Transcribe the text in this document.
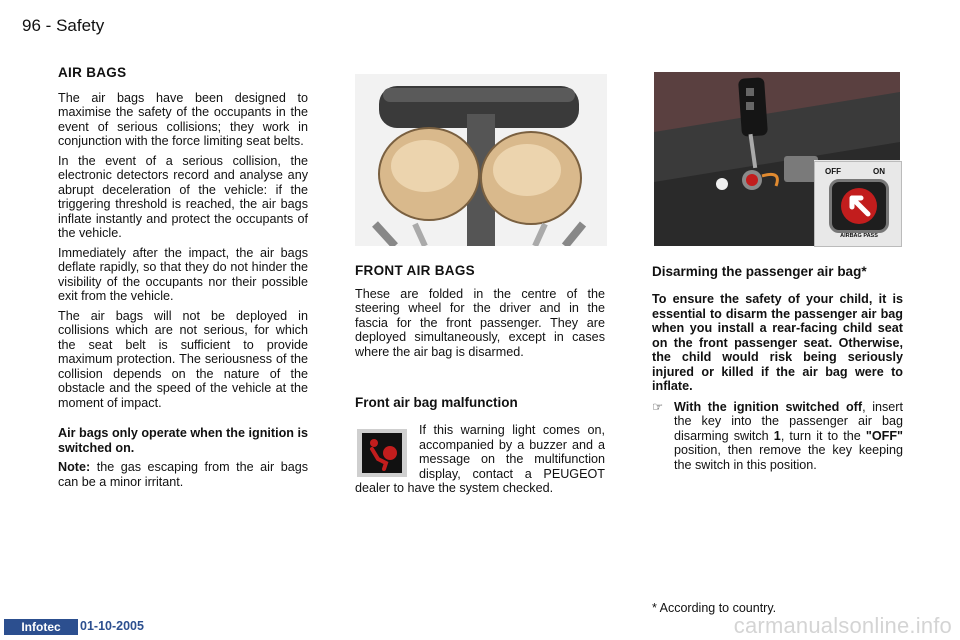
96 - Safety
AIR BAGS

The air bags have been designed to maximise the safety of the occupants in the event of serious collisions; they work in conjunction with the force limiting seat belts.

In the event of a serious collision, the electronic detectors record and analyse any abrupt deceleration of the vehicle: if the triggering threshold is reached, the air bags inflate instantly and protect the occupants of the vehicle.

Immediately after the impact, the air bags deflate rapidly, so that they do not hinder the visibility of the occupants nor their possible exit from the vehicle.

The air bags will not be deployed in collisions which are not serious, for which the seat belt is sufficient to provide maximum protection. The seriousness of the collision depends on the nature of the obstacle and the speed of the vehicle at the moment of impact.

Air bags only operate when the ignition is switched on.

Note: the gas escaping from the air bags can be a minor irritant.

OFF	ON
AIRBAG PASS
FRONT AIR BAGS

These are folded in the centre of the steering wheel for the driver and in the fascia for the front passenger. They are deployed simultaneously, except in cases where the air bag is disarmed.

Front air bag malfunction

If this warning light comes on, accompanied by a buzzer and a message on the multifunction display, contact a PEUGEOT dealer to have the system checked.

Disarming the passenger air bag*

To ensure the safety of your child, it is essential to disarm the passenger air bag when you install a rear-facing child seat on the front passenger seat. Otherwise, the child would risk being seriously injured or killed if the air bag were to inflate.

☞ With the ignition switched off, insert the key into the passenger air bag disarming switch 1, turn it to the "OFF" position, then remove the key keeping the switch in this position.
* According to country.
Infotec	01-10-2005	carmanualsonline.info
